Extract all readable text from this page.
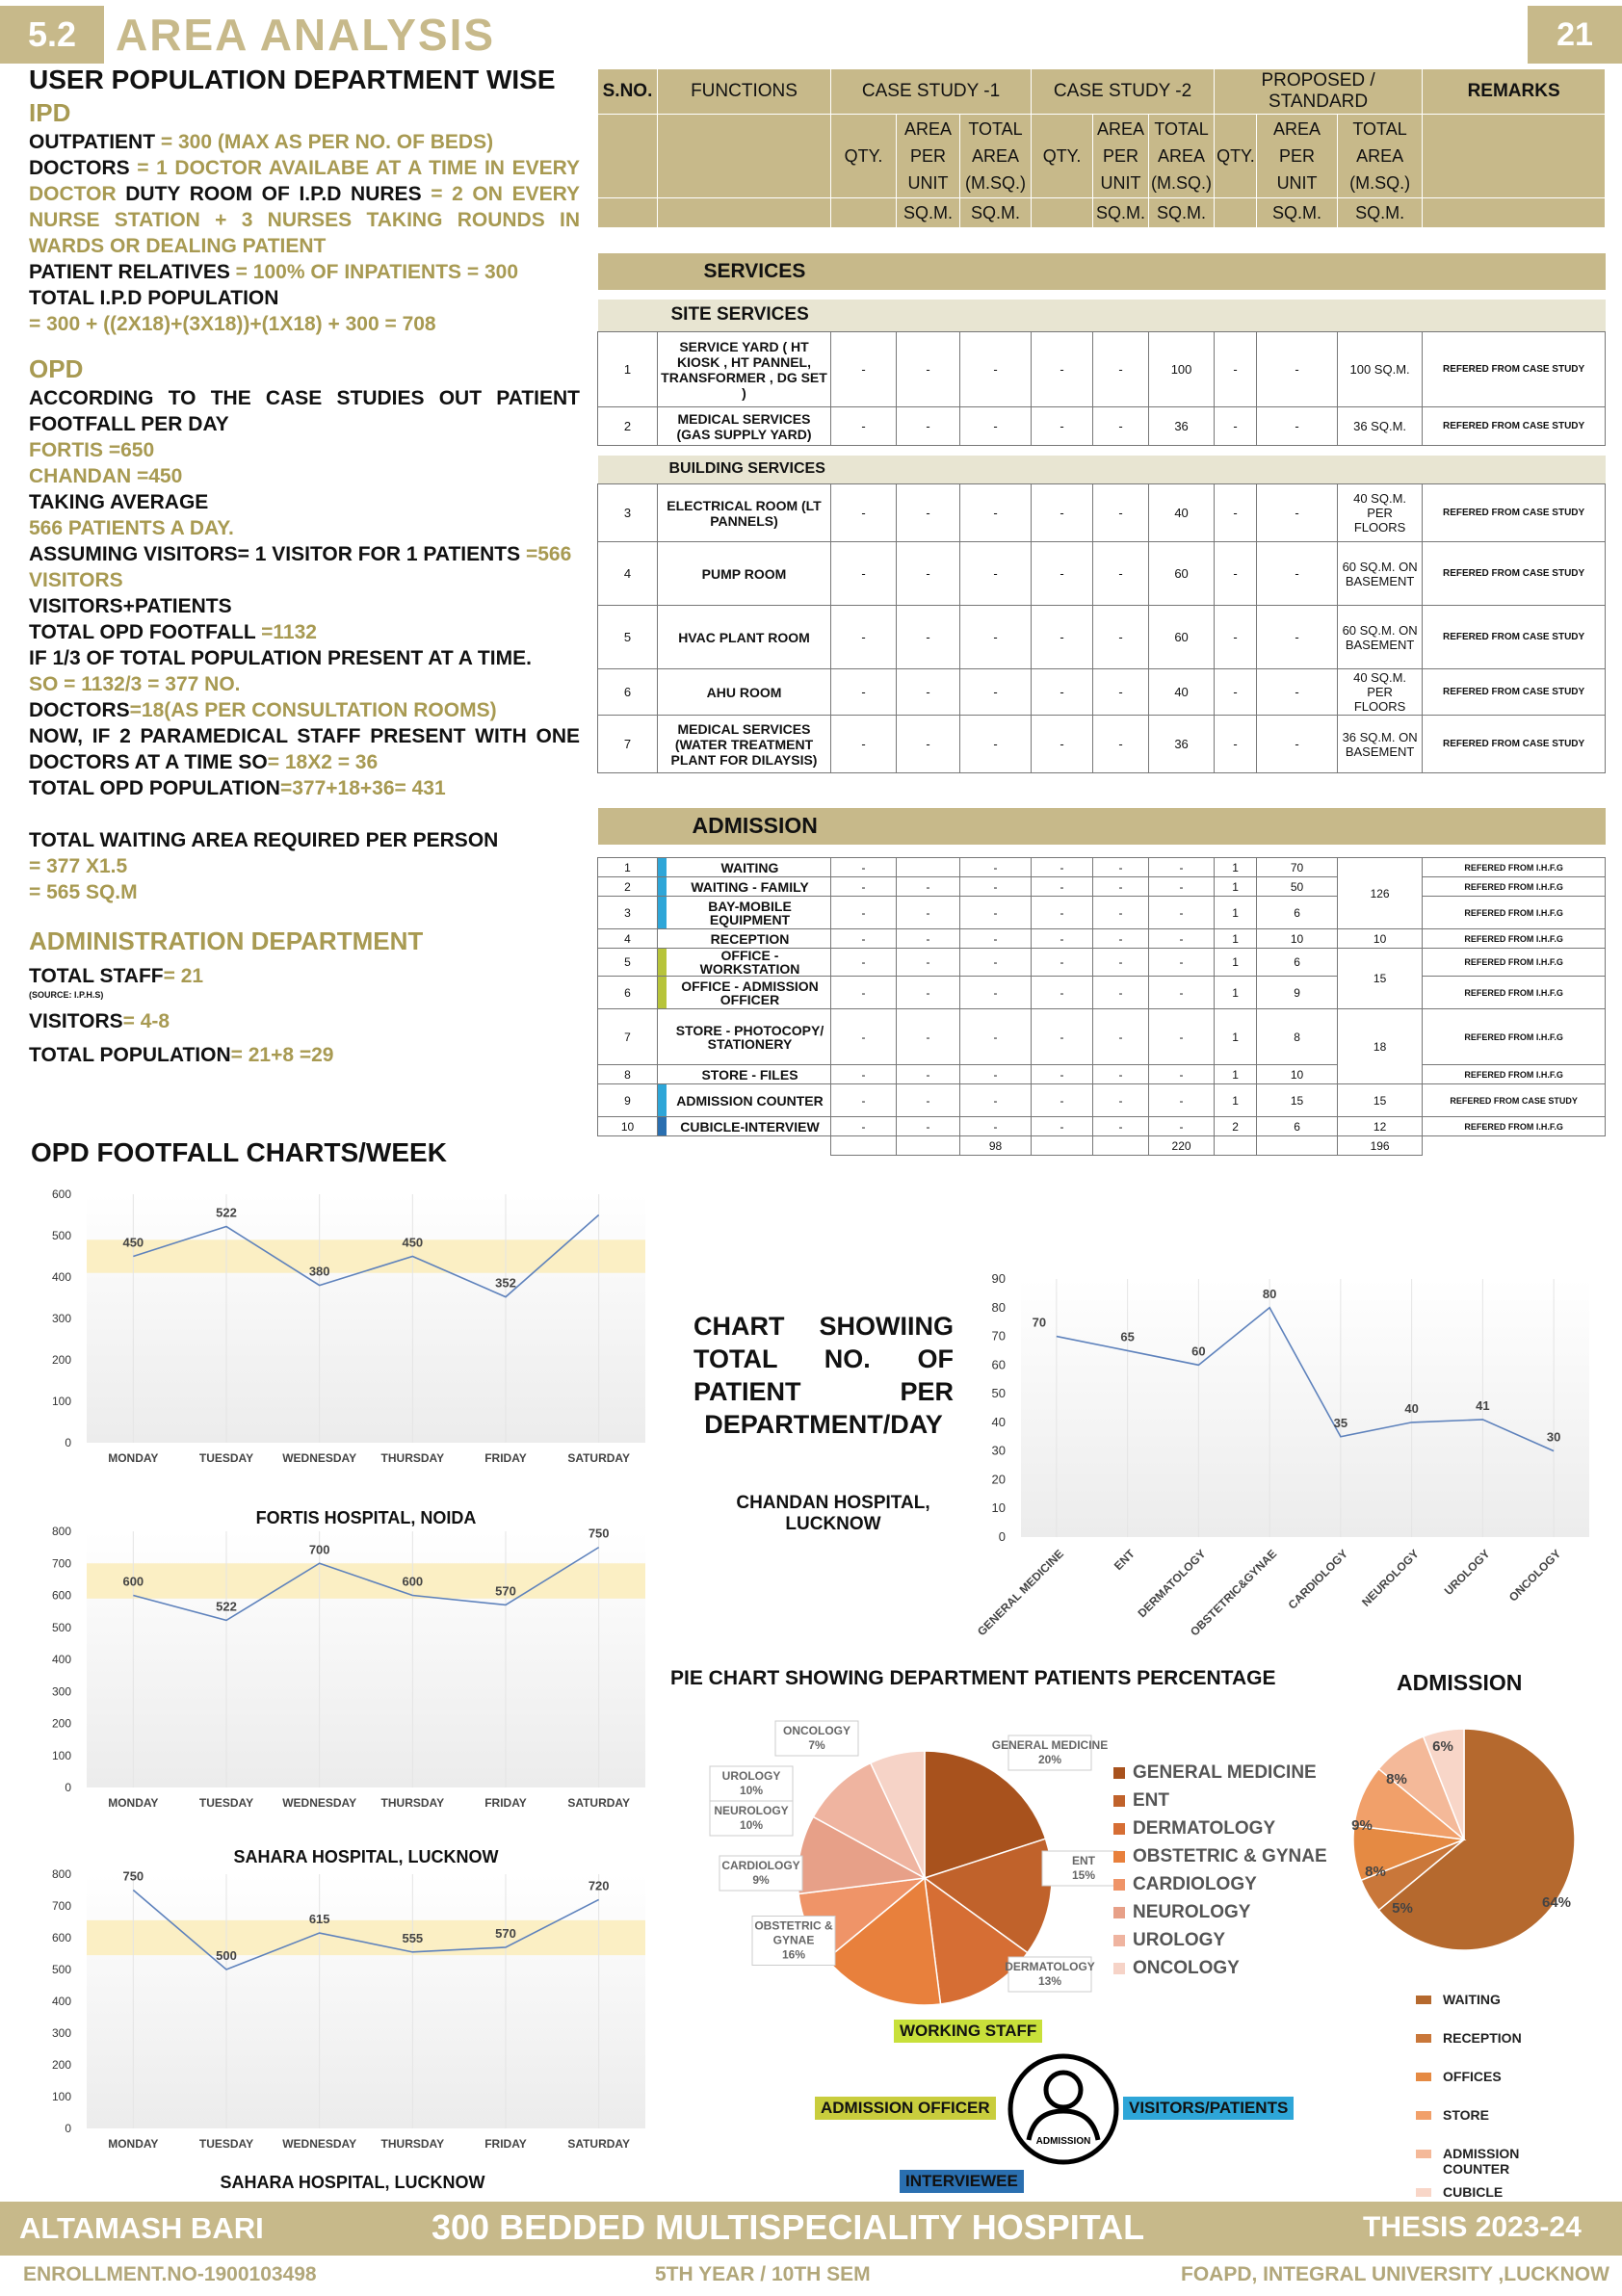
5.2 AREA ANALYSIS	21
USER POPULATION DEPARTMENT WISE
IPD
OUTPATIENT = 300 (MAX AS PER NO. OF BEDS)
DOCTORS = 1 DOCTOR AVAILABE AT A TIME IN EVERY DOCTOR DUTY ROOM OF I.P.D NURES = 2 ON EVERY NURSE STATION + 3 NURSES TAKING ROUNDS IN WARDS OR DEALING PATIENT
PATIENT RELATIVES = 100% OF INPATIENTS = 300
TOTAL I.P.D POPULATION
= 300 + ((2X18)+(3X18))+(1X18) + 300 = 708
OPD
ACCORDING TO THE CASE STUDIES OUT PATIENT FOOTFALL PER DAY
FORTIS =650
CHANDAN =450
TAKING AVERAGE
566 PATIENTS A DAY.
ASSUMING VISITORS= 1 VISITOR FOR 1 PATIENTS =566 VISITORS
VISITORS+PATIENTS
TOTAL OPD FOOTFALL =1132
IF 1/3 OF TOTAL POPULATION PRESENT AT A TIME.
SO = 1132/3 = 377 NO.
DOCTORS=18(AS PER CONSULTATION ROOMS)
NOW, IF 2 PARAMEDICAL STAFF PRESENT WITH ONE DOCTORS AT A TIME SO= 18X2 = 36
TOTAL OPD POPULATION=377+18+36= 431
TOTAL WAITING AREA REQUIRED PER PERSON
= 377 X1.5
= 565 SQ.M
ADMINISTRATION DEPARTMENT
TOTAL STAFF= 21
(SOURCE: I.P.H.S)
VISITORS= 4-8
TOTAL POPULATION= 21+8 =29
OPD FOOTFALL CHARTS/WEEK
S.NO.	FUNCTIONS	CASE STUDY -1			CASE STUDY -2			PROPOSED / STANDARD			REMARKS
		QTY.	AREA PER UNIT	TOTAL AREA (M.SQ.)	QTY.	AREA PER UNIT	TOTAL AREA (M.SQ.)	QTY.	AREA PER UNIT	TOTAL AREA (M.SQ.)	
			SQ.M.	SQ.M.		SQ.M.	SQ.M.		SQ.M.	SQ.M.	

SERVICES											

SITE SERVICES											
1	SERVICE YARD ( HT KIOSK , HT PANNEL, TRANSFORMER , DG SET )	-	-	-	-	-	100	-	-	100 SQ.M.	REFERED FROM CASE STUDY
2	MEDICAL SERVICES (GAS SUPPLY YARD)	-	-	-	-	-	36	-	-	36 SQ.M.	REFERED FROM CASE STUDY

BUILDING SERVICES											
3	ELECTRICAL ROOM (LT PANNELS)	-	-	-	-	-	40	-	-	40 SQ.M. PER FLOORS	REFERED FROM CASE STUDY
4	PUMP ROOM	-	-	-	-	-	60	-	-	60 SQ.M. ON BASEMENT	REFERED FROM CASE STUDY
5	HVAC PLANT ROOM	-	-	-	-	-	60	-	-	60 SQ.M. ON BASEMENT	REFERED FROM CASE STUDY
6	AHU ROOM	-	-	-	-	-	40	-	-	40 SQ.M. PER FLOORS	REFERED FROM CASE STUDY
7	MEDICAL SERVICES (WATER TREATMENT PLANT FOR DILAYSIS)	-	-	-	-	-	36	-	-	36 SQ.M. ON BASEMENT	REFERED FROM CASE STUDY

ADMISSION											

1	WAITING	-		-	-	-	-	1	70	126	REFERED FROM I.H.F.G
2	WAITING - FAMILY	-	-	-	-	-	-	1	50		REFERED FROM I.H.F.G
3	BAY-MOBILE EQUIPMENT	-	-	-	-	-	-	1	6		REFERED FROM I.H.F.G
4	RECEPTION	-	-	-	-	-	-	1	10	10	REFERED FROM I.H.F.G
5	OFFICE - WORKSTATION	-	-	-	-	-	-	1	6	15	REFERED FROM I.H.F.G
6	OFFICE - ADMISSION OFFICER	-	-	-	-	-	-	1	9		REFERED FROM I.H.F.G
7	STORE - PHOTOCOPY/ STATIONERY	-	-	-	-	-	-	1	8	18	REFERED FROM I.H.F.G
8	STORE - FILES	-	-	-	-	-	-	1	10		REFERED FROM I.H.F.G
9	ADMISSION COUNTER	-	-	-	-	-	-	1	15	15	REFERED FROM CASE STUDY
10	CUBICLE-INTERVIEW	-	-	-	-	-	-	2	6	12	REFERED FROM I.H.F.G
				98			220			196	
0
100
200
300
400
500
600
MONDAY	TUESDAY	WEDNESDAY THURSDAY	FRIDAY	SATURDAY
450
522
380
450
352
0
100
200
300
400
500
600
700
800
MONDAY	TUESDAY	WEDNESDAY THURSDAY	FRIDAY	SATURDAY
600
522
700
600
570
750
FORTIS HOSPITAL, NOIDA
0
100
200
300
400
500
600
700
800
MONDAY	TUESDAY	WEDNESDAY THURSDAY	FRIDAY	SATURDAY
750
500
615
555	570
720
SAHARA HOSPITAL, LUCKNOW
SAHARA HOSPITAL, LUCKNOW
CHART SHOWIING TOTAL NO. OF PATIENT PER DEPARTMENT/DAY
CHANDAN HOSPITAL, LUCKNOW
0
10
20
30
40
50
60
70
80
90
GENERAL MEDICINE	ENT
DERMATOLOGY
OBSTETRIC&GYNAE CARDIOLOGY NEUROLOGY UROLOGY ONCOLOGY
70
65
60
80
35
40	41
30
PIE CHART SHOWING DEPARTMENT PATIENTS PERCENTAGE
GENERAL MEDICINE 20%
ENT 15%
DERMATOLOGY 13%
OBSTETRIC & GYNAE 16%
CARDIOLOGY 9%
NEUROLOGY 10%
UROLOGY 10%
ONCOLOGY 7%
GENERAL MEDICINE
ENT
DERMATOLOGY
OBSTETRIC & GYNAE
CARDIOLOGY
NEUROLOGY
UROLOGY
ONCOLOGY
ADMISSION
64%
5%
8%
9%
8%
6%
WAITING
RECEPTION
OFFICES
STORE
ADMISSION COUNTER
CUBICLE
WORKING STAFF
ADMISSION OFFICER	VISITORS/PATIENTS
INTERVIEWEE
ADMISSION
ALTAMASH BARI	300 BEDDED MULTISPECIALITY HOSPITAL	THESIS 2023-24
ENROLLMENT.NO-1900103498	5TH YEAR / 10TH SEM	FOAPD, INTEGRAL UNIVERSITY ,LUCKNOW
